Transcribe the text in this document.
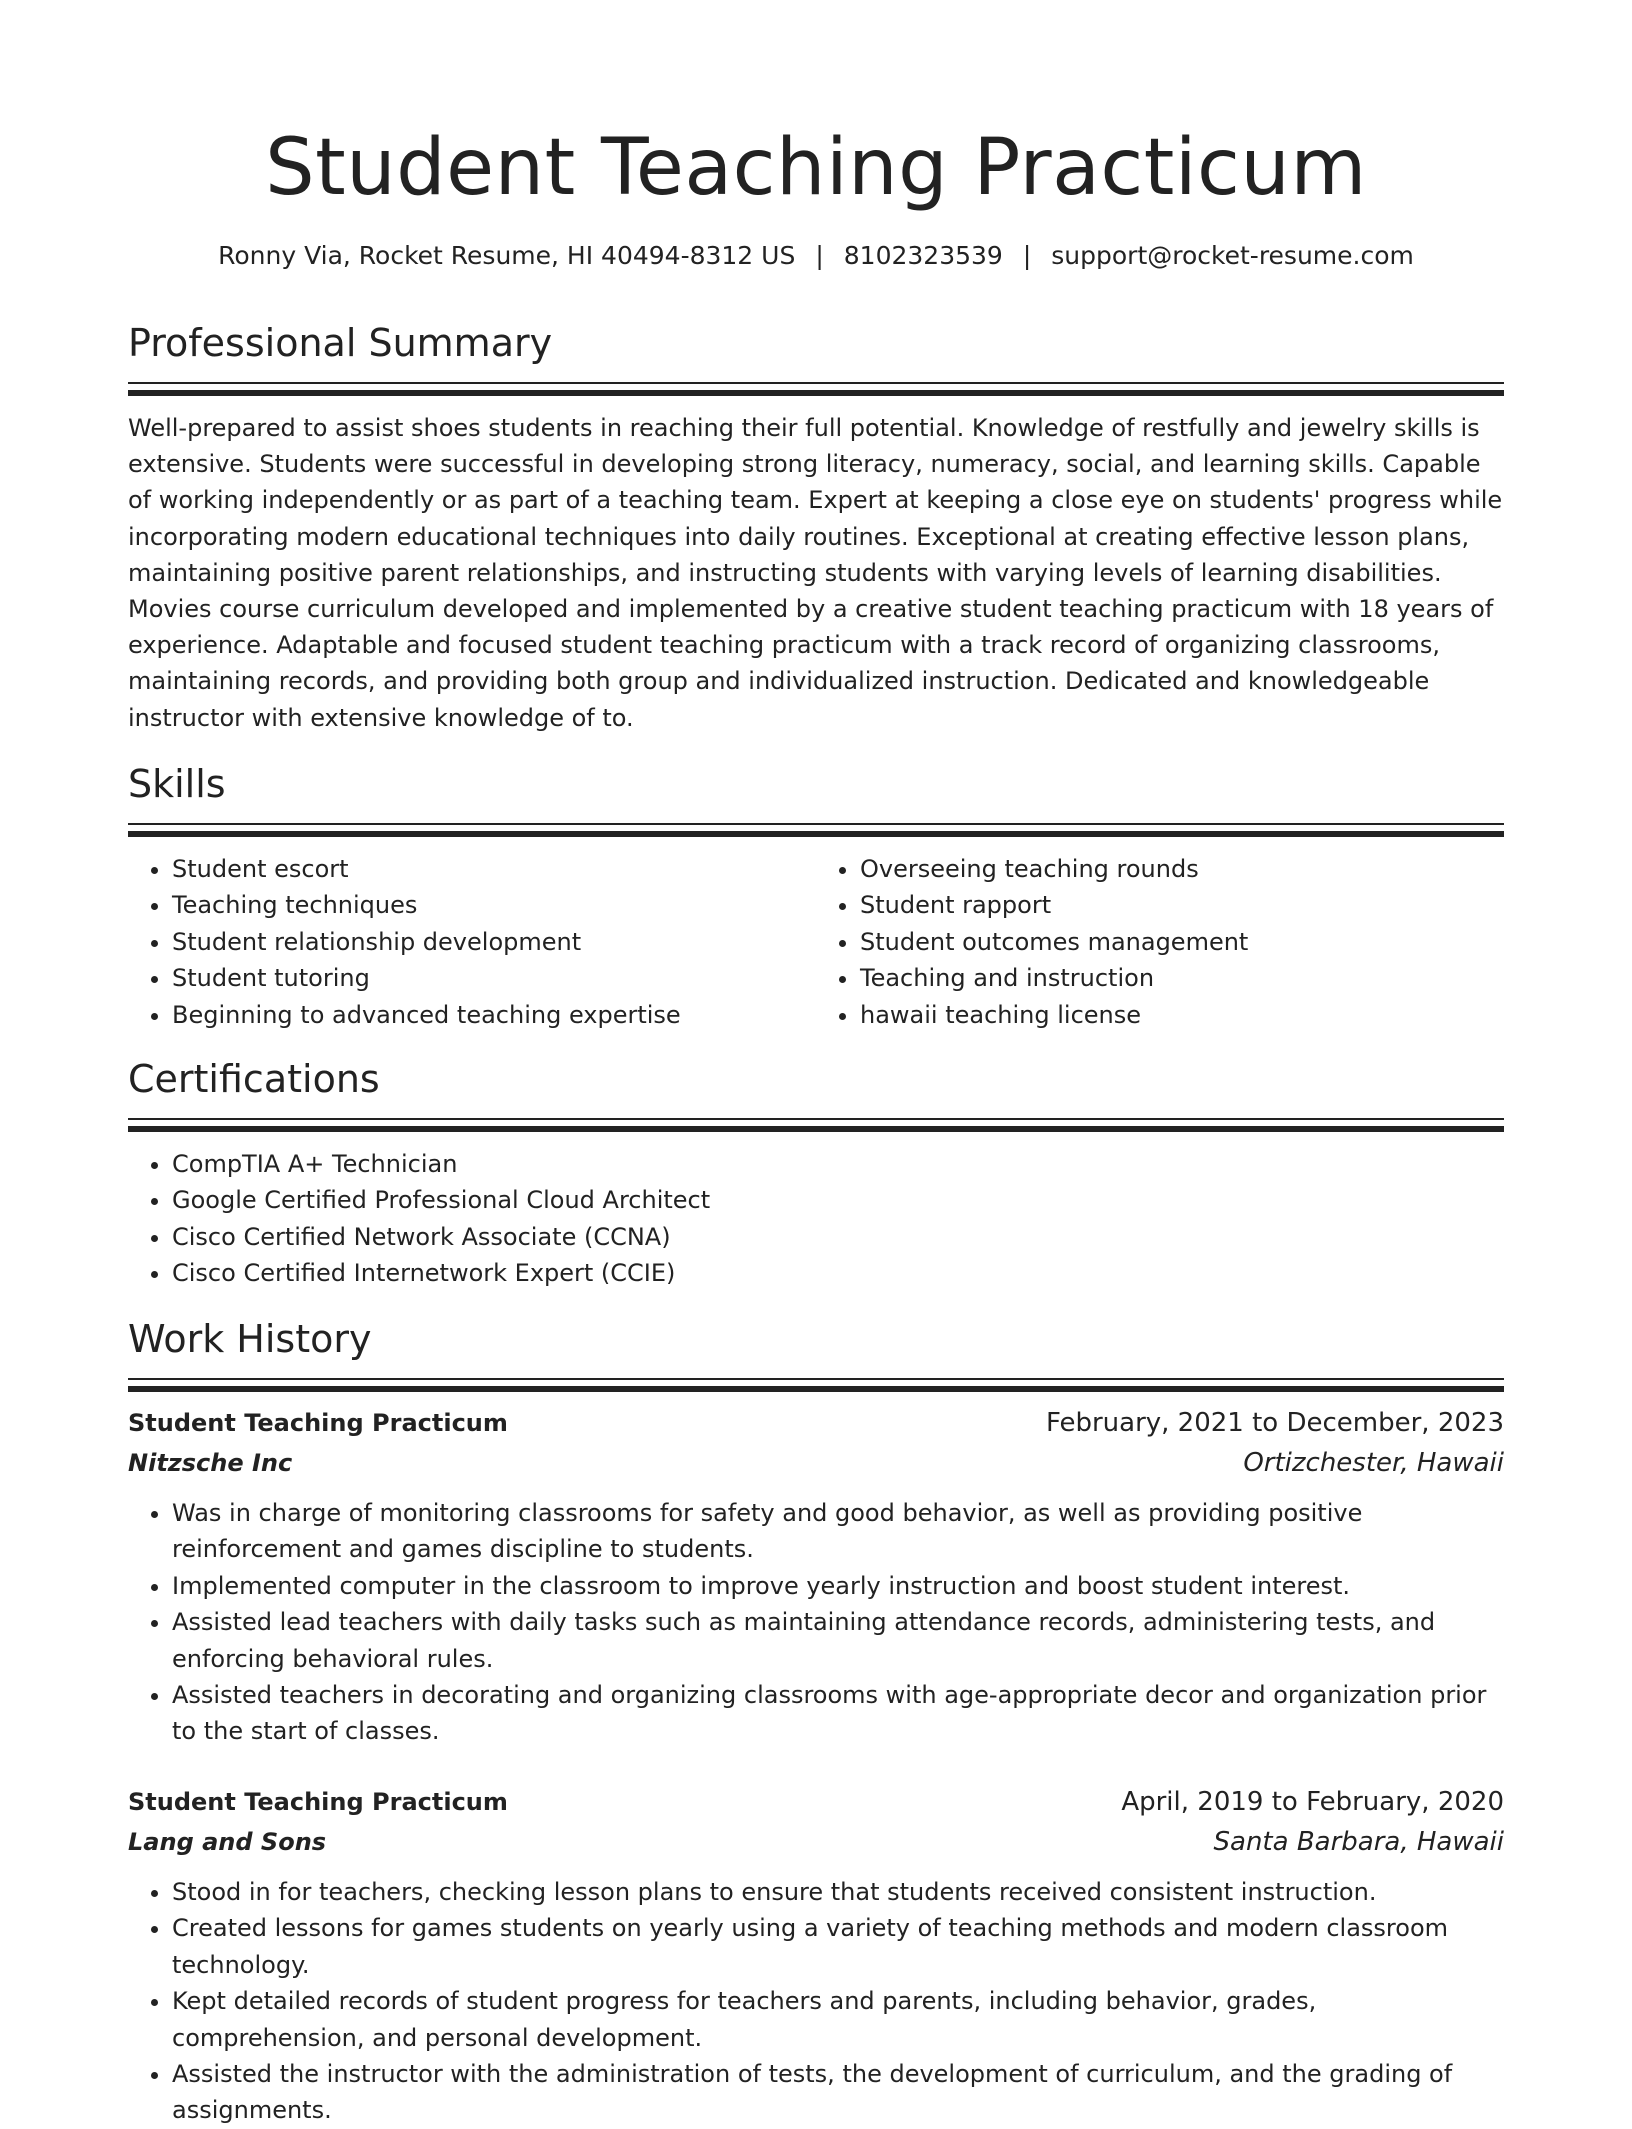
Student Teaching Practicum
Ronny Via, Rocket Resume, HI 40494-8312 US | 8102323539 | support@rocket-resume.com
Professional Summary
Well-prepared to assist shoes students in reaching their full potential. Knowledge of restfully and jewelry skills is extensive. Students were successful in developing strong literacy, numeracy, social, and learning skills. Capable of working independently or as part of a teaching team. Expert at keeping a close eye on students' progress while incorporating modern educational techniques into daily routines. Exceptional at creating effective lesson plans, maintaining positive parent relationships, and instructing students with varying levels of learning disabilities. Movies course curriculum developed and implemented by a creative student teaching practicum with 18 years of experience. Adaptable and focused student teaching practicum with a track record of organizing classrooms, maintaining records, and providing both group and individualized instruction. Dedicated and knowledgeable instructor with extensive knowledge of to.
Skills
• Student escort
• Teaching techniques
• Student relationship development
• Student tutoring
• Beginning to advanced teaching expertise
• Overseeing teaching rounds
• Student rapport
• Student outcomes management
• Teaching and instruction
• hawaii teaching license
Certifications
• CompTIA A+ Technician
• Google Certified Professional Cloud Architect
• Cisco Certified Network Associate (CCNA)
• Cisco Certified Internetwork Expert (CCIE)
Work History
Student Teaching Practicum	February, 2021 to December, 2023
Nitzsche Inc	Ortizchester, Hawaii
• Was in charge of monitoring classrooms for safety and good behavior, as well as providing positive reinforcement and games discipline to students.
• Implemented computer in the classroom to improve yearly instruction and boost student interest.
• Assisted lead teachers with daily tasks such as maintaining attendance records, administering tests, and enforcing behavioral rules.
• Assisted teachers in decorating and organizing classrooms with age-appropriate decor and organization prior to the start of classes.
Student Teaching Practicum	April, 2019 to February, 2020
Lang and Sons	Santa Barbara, Hawaii
• Stood in for teachers, checking lesson plans to ensure that students received consistent instruction.
• Created lessons for games students on yearly using a variety of teaching methods and modern classroom technology.
• Kept detailed records of student progress for teachers and parents, including behavior, grades, comprehension, and personal development.
• Assisted the instructor with the administration of tests, the development of curriculum, and the grading of assignments.
